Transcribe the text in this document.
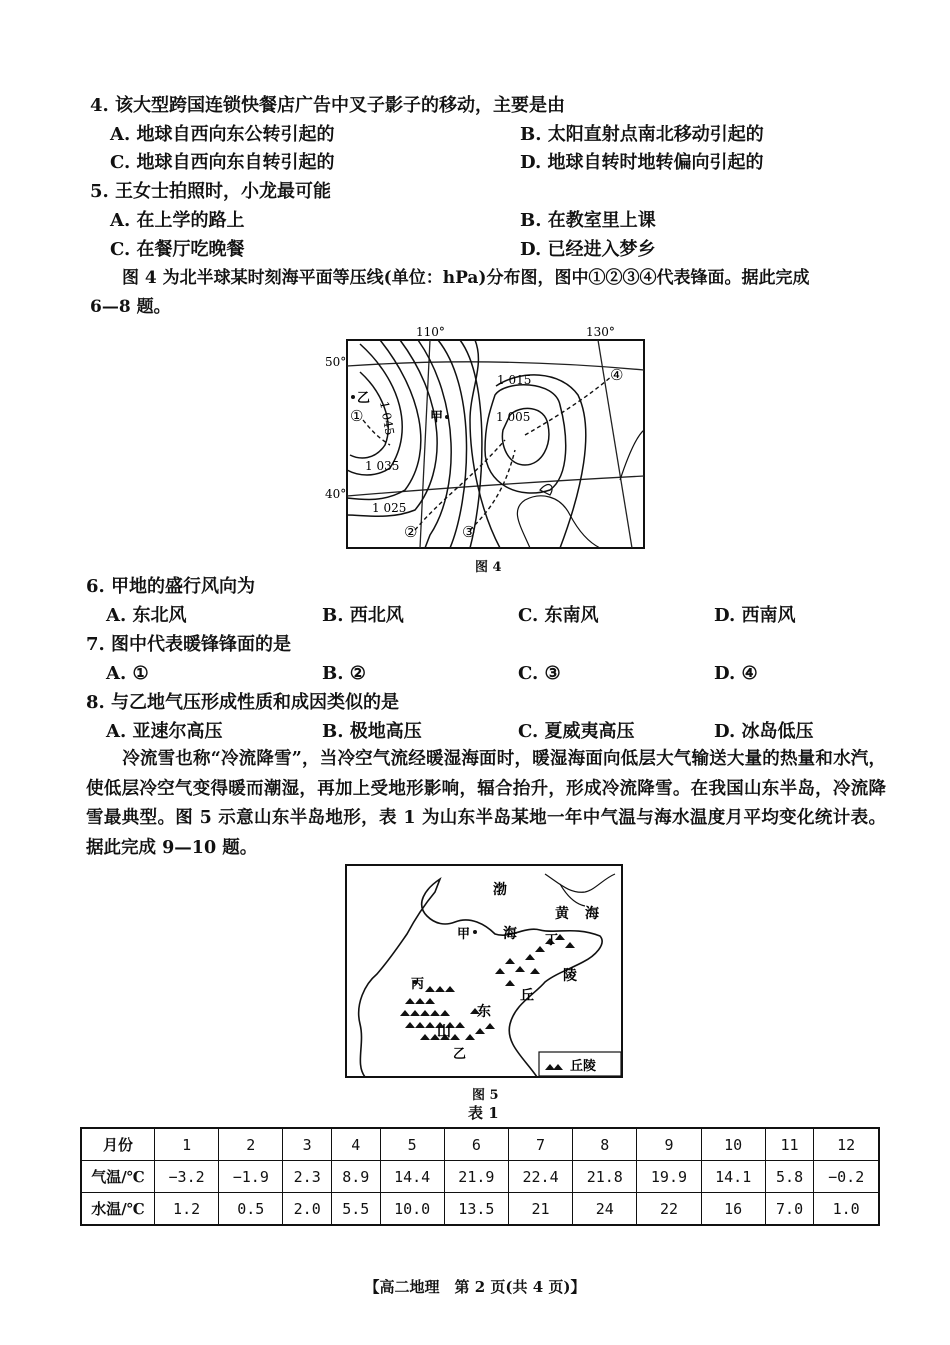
4. 该大型跨国连锁快餐店广告中叉子影子的移动，主要是由
A. 地球自西向东公转引起的	B. 太阳直射点南北移动引起的
C. 地球自西向东自转引起的	D. 地球自转时地转偏向引起的
5. 王女士拍照时，小龙最可能
A. 在上学的路上	B. 在教室里上课
C. 在餐厅吃晚餐	D. 已经进入梦乡
图 4 为北半球某时刻海平面等压线(单位：hPa)分布图，图中①②③④代表锋面。据此完成
6—8 题。
110°	130°
50°
40°
1 015
1 005
1 045
1 035
1 025
甲
乙
①
②	③
④
图 4
6. 甲地的盛行风向为
A. 东北风	B. 西北风	C. 东南风	D. 西南风
7. 图中代表暖锋锋面的是
A. ①	B. ②	C. ③	D. ④
8. 与乙地气压形成性质和成因类似的是
A. 亚速尔高压	B. 极地高压	C. 夏威夷高压	D. 冰岛低压
冷流雪也称“冷流降雪”，当冷空气流经暖湿海面时，暖湿海面向低层大气输送大量的热量和水汽，使低层冷空气变得暖而潮湿，再加上受地形影响，辐合抬升，形成冷流降雪。在我国山东半岛，冷流降雪最典型。图 5 示意山东半岛地形，表 1 为山东半岛某地一年中气温与海水温度月平均变化统计表。据此完成 9—10 题。
渤
黄 海
海
甲	丁
陵
丘
丙
东
山
乙
丘陵
图 5
表 1
月份	1	2	3	4	5	6	7	8	9	10	11	12
气温/℃	−3.2	−1.9	2.3	8.9	14.4	21.9	22.4	21.8	19.9	14.1	5.8	−0.2
水温/℃	1.2	0.5	2.0	5.5	10.0	13.5	21	24	22	16	7.0	1.0
【高二地理　第 2 页(共 4 页)】
